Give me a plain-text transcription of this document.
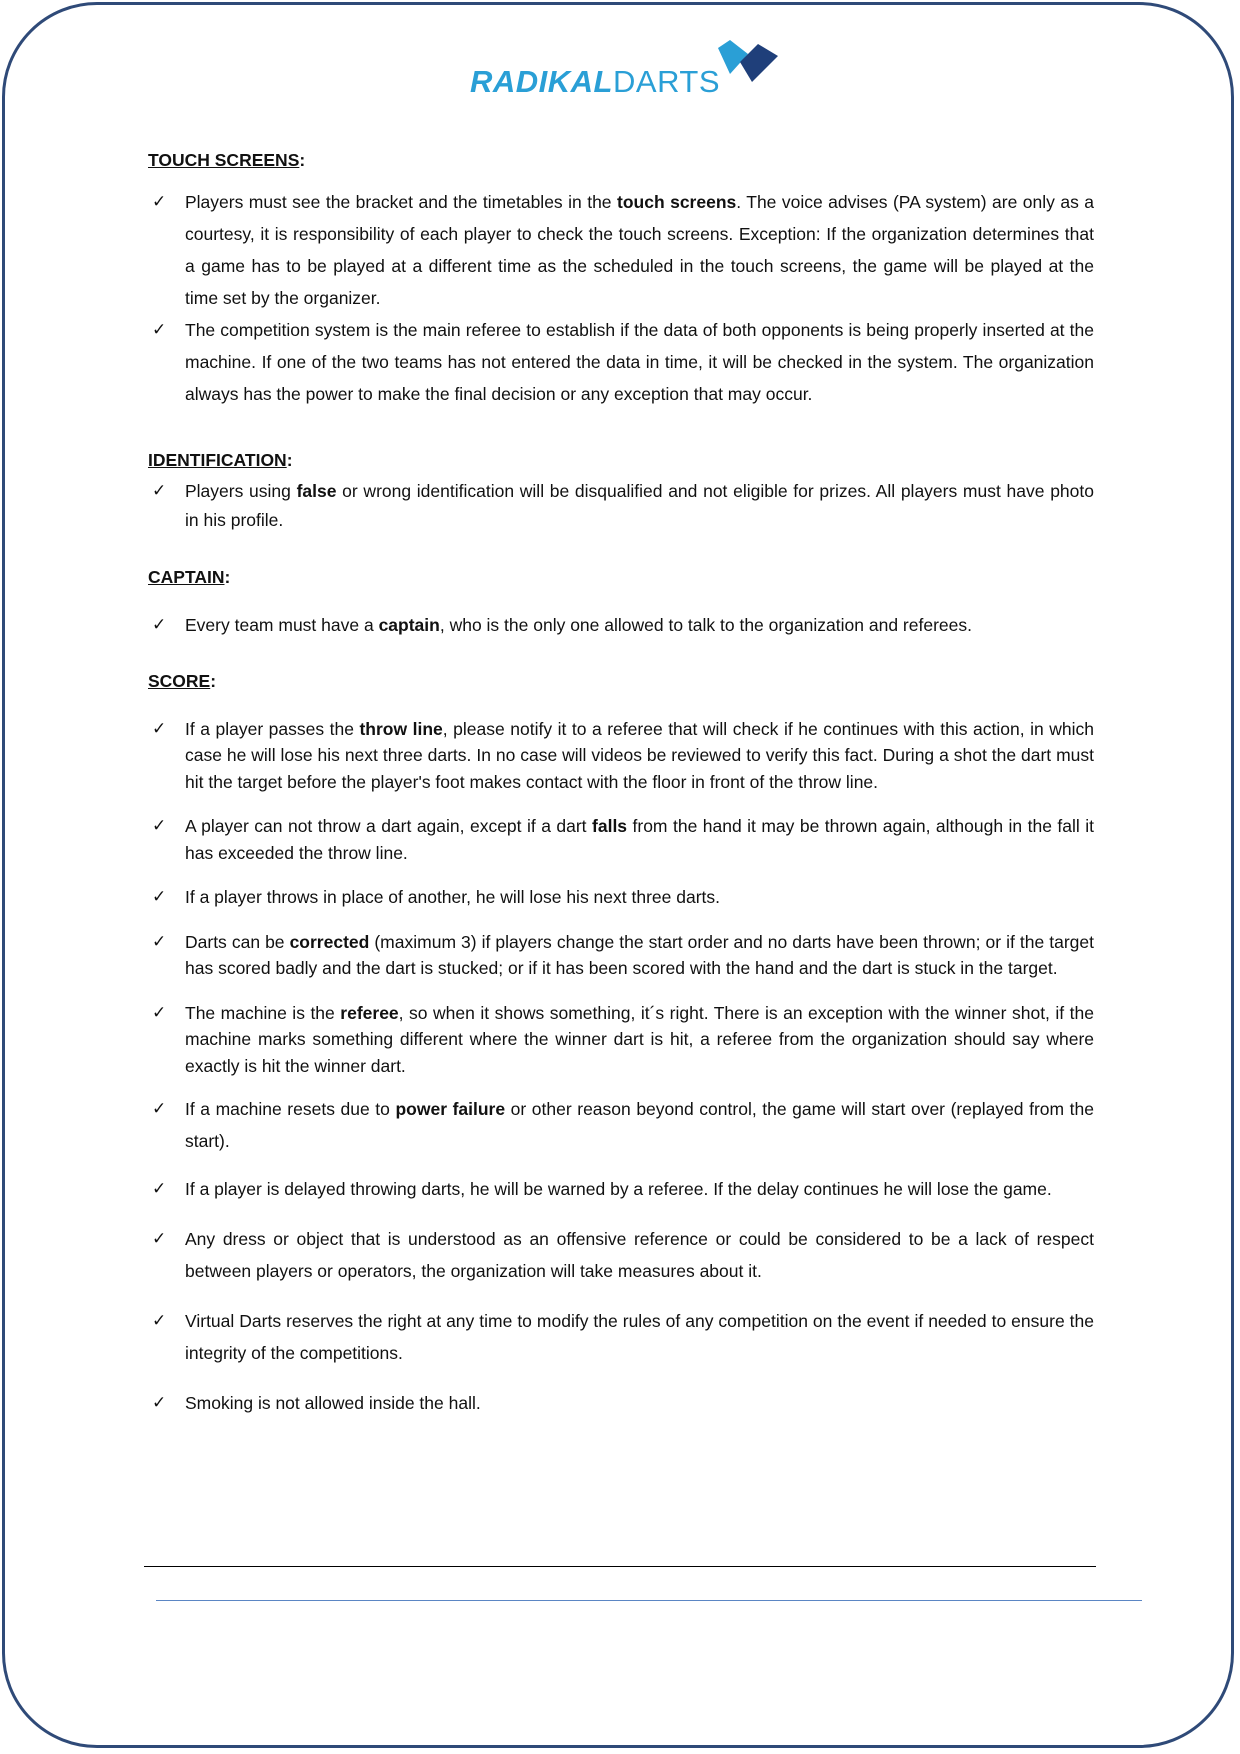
RADIKALDARTS

TOUCH SCREENS:

✓ Players must see the bracket and the timetables in the touch screens. The voice advises (PA system) are only as a courtesy, it is responsibility of each player to check the touch screens. Exception: If the organization determines that a game has to be played at a different time as the scheduled in the touch screens, the game will be played at the time set by the organizer.
✓ The competition system is the main referee to establish if the data of both opponents is being properly inserted at the machine. If one of the two teams has not entered the data in time, it will be checked in the system. The organization always has the power to make the final decision or any exception that may occur.

IDENTIFICATION:

✓ Players using false or wrong identification will be disqualified and not eligible for prizes. All players must have photo in his profile.

CAPTAIN:

✓ Every team must have a captain, who is the only one allowed to talk to the organization and referees.

SCORE:

✓ If a player passes the throw line, please notify it to a referee that will check if he continues with this action, in which case he will lose his next three darts. In no case will videos be reviewed to verify this fact. During a shot the dart must hit the target before the player's foot makes contact with the floor in front of the throw line.
✓ A player can not throw a dart again, except if a dart falls from the hand it may be thrown again, although in the fall it has exceeded the throw line.
✓ If a player throws in place of another, he will lose his next three darts.
✓ Darts can be corrected (maximum 3) if players change the start order and no darts have been thrown; or if the target has scored badly and the dart is stucked; or if it has been scored with the hand and the dart is stuck in the target.
✓ The machine is the referee, so when it shows something, it´s right. There is an exception with the winner shot, if the machine marks something different where the winner dart is hit, a referee from the organization should say where exactly is hit the winner dart.
✓ If a machine resets due to power failure or other reason beyond control, the game will start over (replayed from the start).
✓ If a player is delayed throwing darts, he will be warned by a referee. If the delay continues he will lose the game.
✓ Any dress or object that is understood as an offensive reference or could be considered to be a lack of respect between players or operators, the organization will take measures about it.
✓ Virtual Darts reserves the right at any time to modify the rules of any competition on the event if needed to ensure the integrity of the competitions.
✓ Smoking is not allowed inside the hall.
